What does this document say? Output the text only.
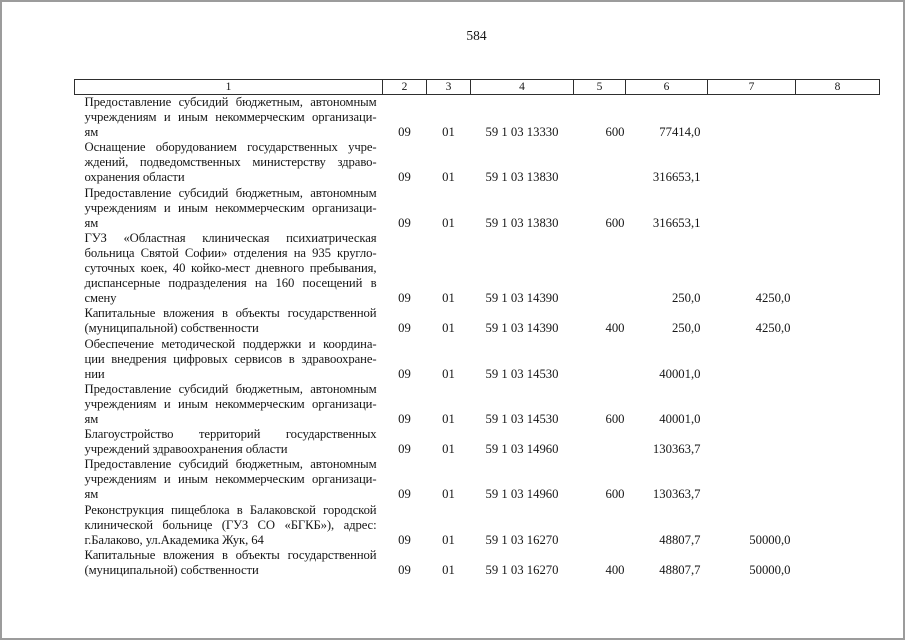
584
1	2	3	4	5	6	7	8

Предоставление субсидий бюджетным, автономным
учреждениям и иным некоммерческим организаци-
ям	09	01	59 1 03 13330	600	77414,0		

Оснащение оборудованием государственных учре-
ждений, подведомственных министерству здраво-
охранения области	09	01	59 1 03 13830		316653,1		

Предоставление субсидий бюджетным, автономным
учреждениям и иным некоммерческим организаци-
ям	09	01	59 1 03 13830	600	316653,1		

ГУЗ «Областная клиническая психиатрическая
больница Святой Софии» отделения на 935 кругло-
суточных коек, 40 койко-мест дневного пребывания,
диспансерные подразделения на 160 посещений в
смену	09	01	59 1 03 14390		250,0	4250,0	

Капитальные вложения в объекты государственной
(муниципальной) собственности	09	01	59 1 03 14390	400	250,0	4250,0	

Обеспечение методической поддержки и координа-
ции внедрения цифровых сервисов в здравоохране-
нии	09	01	59 1 03 14530		40001,0		

Предоставление субсидий бюджетным, автономным
учреждениям и иным некоммерческим организаци-
ям	09	01	59 1 03 14530	600	40001,0		

Благоустройство территорий государственных
учреждений здравоохранения области	09	01	59 1 03 14960		130363,7		

Предоставление субсидий бюджетным, автономным
учреждениям и иным некоммерческим организаци-
ям	09	01	59 1 03 14960	600	130363,7		

Реконструкция пищеблока в Балаковской городской
клинической больнице (ГУЗ СО «БГКБ»), адрес:
г.Балаково, ул.Академика Жук, 64	09	01	59 1 03 16270		48807,7	50000,0	

Капитальные вложения в объекты государственной
(муниципальной) собственности	09	01	59 1 03 16270	400	48807,7	50000,0	
